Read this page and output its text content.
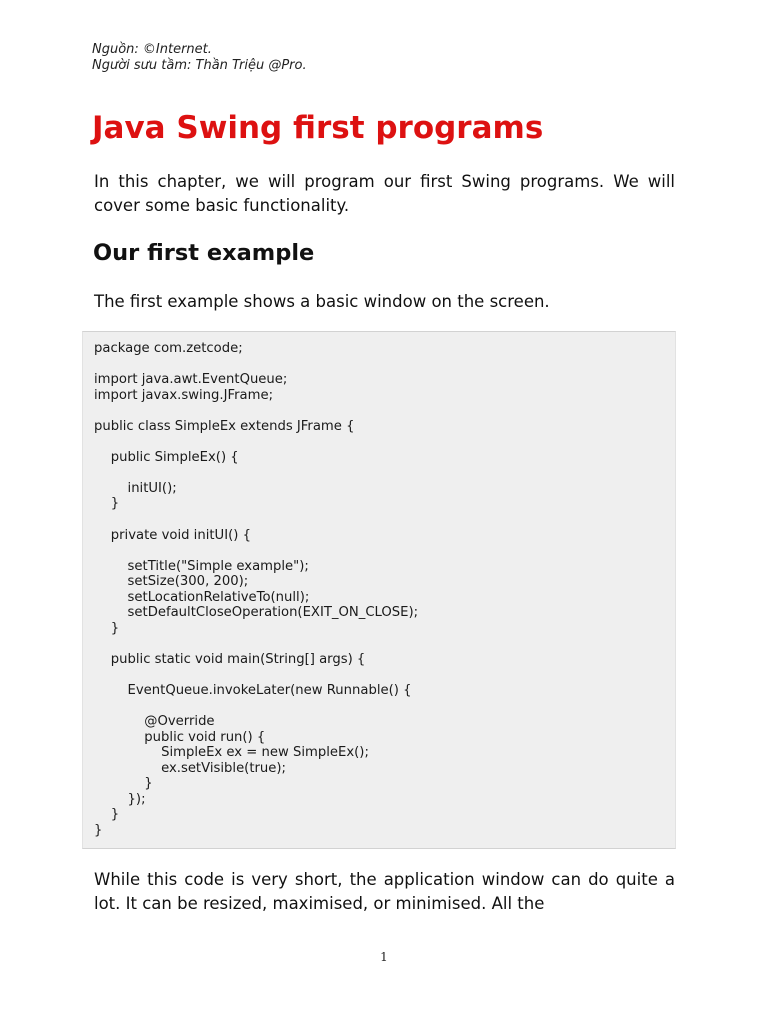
Nguồn: ©Internet.
Người sưu tầm: Thần Triệu @Pro.
Java Swing first programs

In this chapter, we will program our first Swing programs. We will cover some basic functionality.

Our first example

The first example shows a basic window on the screen.

package com.zetcode;

import java.awt.EventQueue;
import javax.swing.JFrame;

public class SimpleEx extends JFrame {

public SimpleEx() {

initUI();
}

private void initUI() {

setTitle("Simple example");
setSize(300, 200);
setLocationRelativeTo(null);
setDefaultCloseOperation(EXIT_ON_CLOSE);
}

public static void main(String[] args) {

EventQueue.invokeLater(new Runnable() {

@Override
public void run() {
SimpleEx ex = new SimpleEx();
ex.setVisible(true);
}
});
}
}

While this code is very short, the application window can do quite a lot. It can be resized, maximised, or minimised. All the

1
